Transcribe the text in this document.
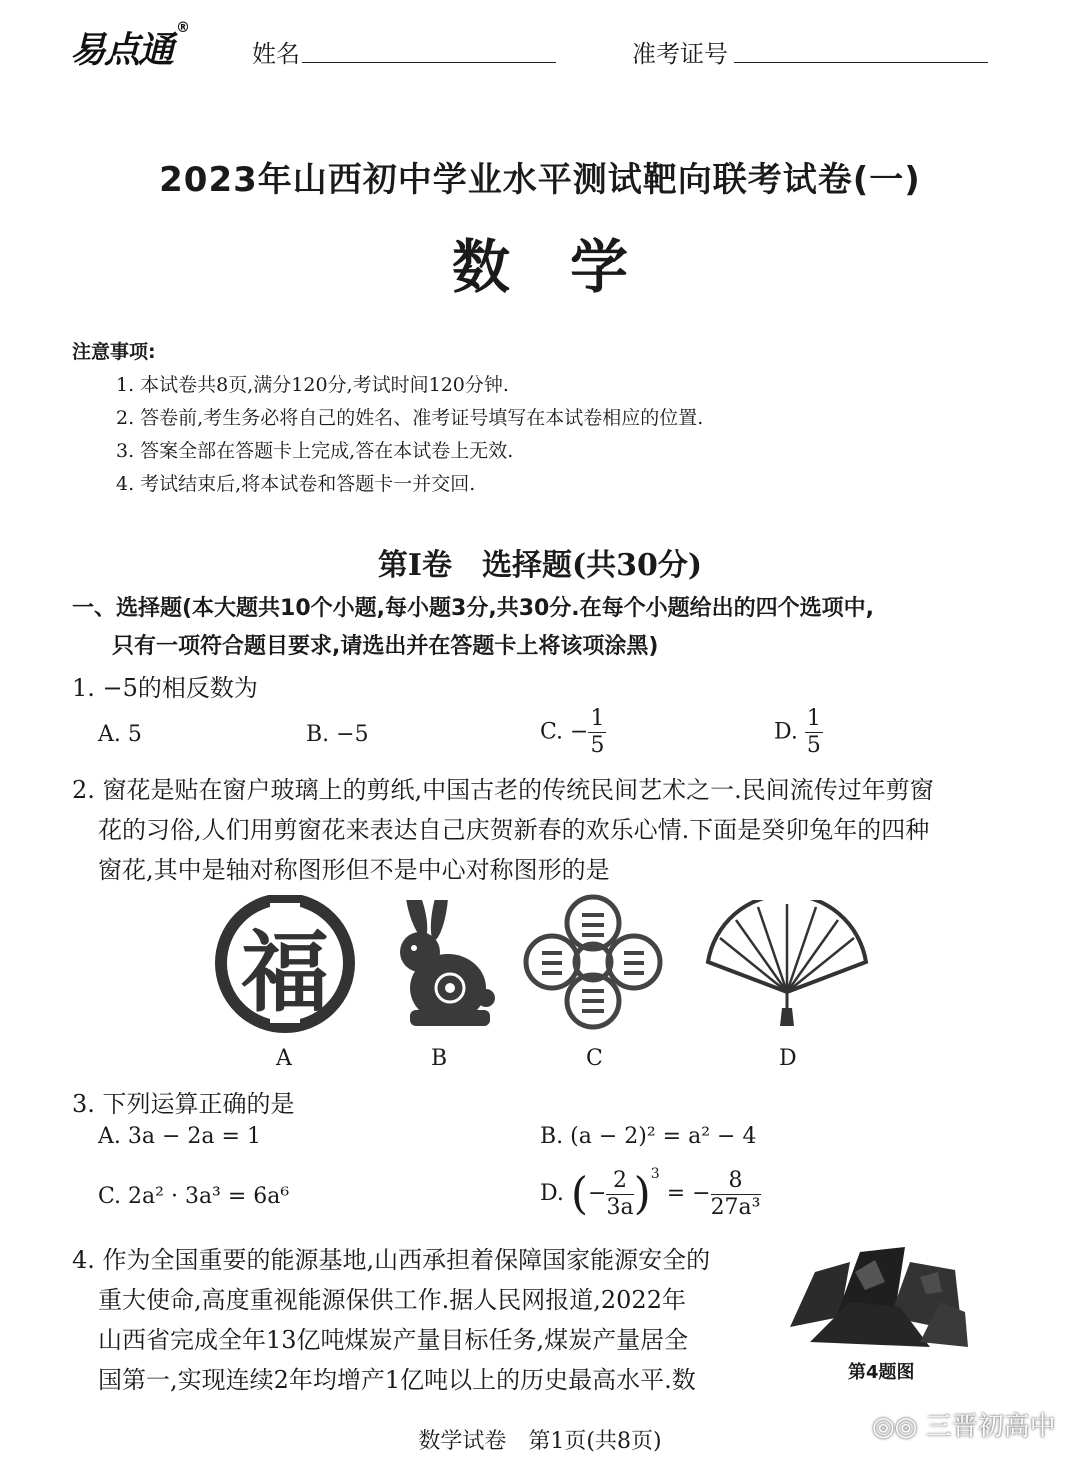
易点通
®
姓名	准考证号
2023年山西初中学业水平测试靶向联考试卷(一)
数学
注意事项:
1. 本试卷共8页,满分120分,考试时间120分钟.
2. 答卷前,考生务必将自己的姓名、准考证号填写在本试卷相应的位置.
3. 答案全部在答题卡上完成,答在本试卷上无效.
4. 考试结束后,将本试卷和答题卡一并交回.
第Ⅰ卷　选择题(共30分)
一、选择题(本大题共10个小题,每小题3分,共30分.在每个小题给出的四个选项中,
只有一项符合题目要求,请选出并在答题卡上将该项涂黑)
1. −5的相反数为
A. 5	B. −5	C. − $\frac{1}{5}$	D. $\frac{1}{5}$
2. 窗花是贴在窗户玻璃上的剪纸,中国古老的传统民间艺术之一.民间流传过年剪窗
花的习俗,人们用剪窗花来表达自己庆贺新春的欢乐心情.下面是癸卯兔年的四种
窗花,其中是轴对称图形但不是中心对称图形的是
福
A	B	C	D
3. 下列运算正确的是
A. 3a − 2a = 1	B. (a − 2)² = a² − 4
C. 2a² · 3a³ = 6a⁶	D. (− $\frac{2}{3a} )^3$ = − $\frac{8}{\text{27a³}}$
4. 作为全国重要的能源基地,山西承担着保障国家能源安全的
重大使命,高度重视能源保供工作.据人民网报道,2022年
山西省完成全年13亿吨煤炭产量目标任务,煤炭产量居全
国第一,实现连续2年均增产1亿吨以上的历史最高水平.数	第4题图
数学试卷　第1页(共8页)	◎◎ 三晋初高中
